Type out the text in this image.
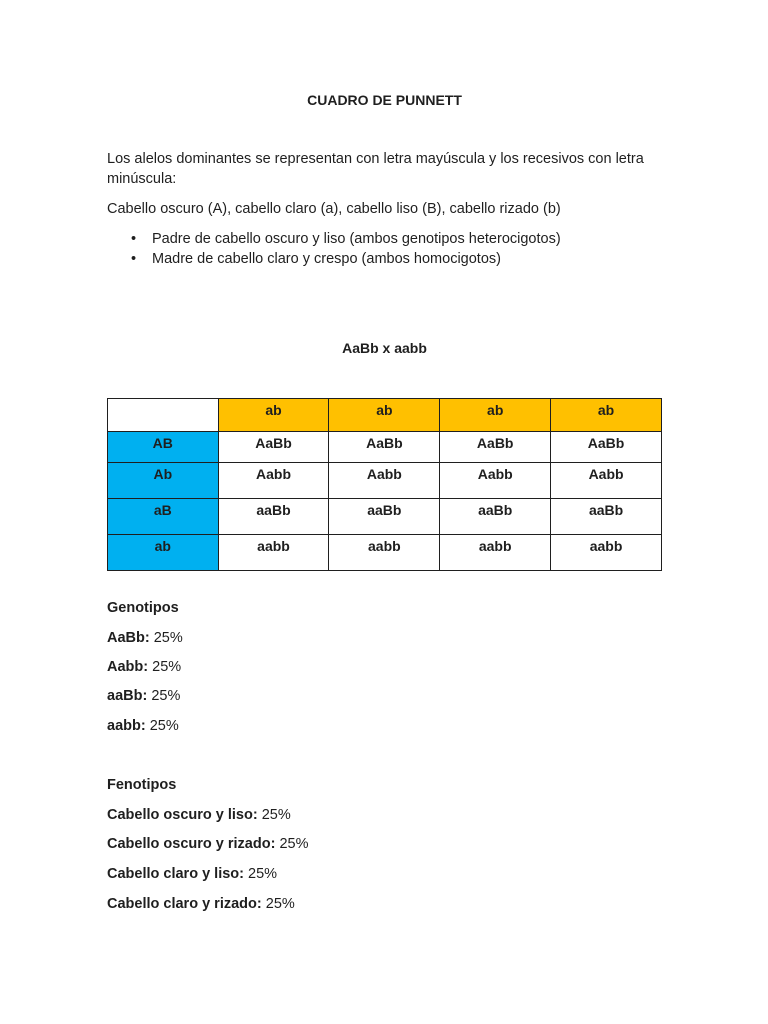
CUADRO DE PUNNETT

Los alelos dominantes se representan con letra mayúscula y los recesivos con letra minúscula:

Cabello oscuro (A), cabello claro (a), cabello liso (B), cabello rizado (b)

• Padre de cabello oscuro y liso (ambos genotipos heterocigotos)
• Madre de cabello claro y crespo (ambos homocigotos)
AaBb x aabb
	ab	ab	ab	ab
AB	AaBb	AaBb	AaBb	AaBb
Ab	Aabb	Aabb	Aabb	Aabb
aB	aaBb	aaBb	aaBb	aaBb
ab	aabb	aabb	aabb	aabb
Genotipos
AaBb: 25%
Aabb: 25%
aaBb: 25%
aabb: 25%
Fenotipos
Cabello oscuro y liso: 25%
Cabello oscuro y rizado: 25%
Cabello claro y liso: 25%
Cabello claro y rizado: 25%
